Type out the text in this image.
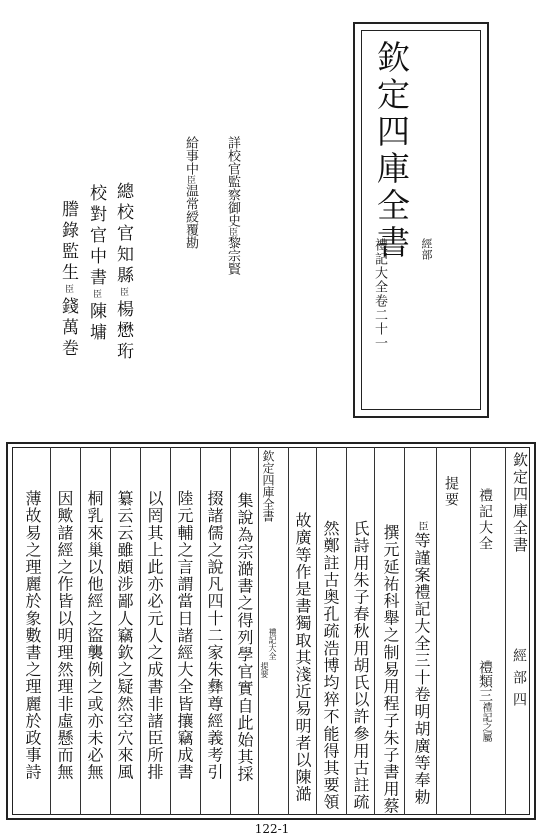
欽定四庫全書 經部
禮記大全卷二十一
詳校官監察御史臣黎宗賢
給事中臣温常綬覆勘
總校官知縣臣楊懋珩
校對官中書臣陳墉
謄錄監生臣錢萬巻
欽定四庫全書
經部四
禮記大全
禮類三禮記之屬
提要
欽定四庫全書
禮記大全
提要
臣等謹案禮記大全三十卷明胡廣等奉勅
撰元延祐科舉之制易用程子朱子書用蔡
氏詩用朱子春秋用胡氏以許參用古註疏
然鄭註古奥孔疏浩博均猝不能得其要領
故廣等作是書獨取其淺近易明者以陳澔
集說為宗澔書之得列學官實自此始其採
掇諸儒之說凡四十二家朱彝尊經義考引
陸元輔之言謂當日諸經大全皆攘竊成書
以罔其上此亦必元人之成書非諸臣所排
纂云云雖頗涉鄙人竊欽之疑然空穴來風
桐乳來巢以他經之盜襲例之或亦未必無
因歟諸經之作皆以明理然理非虛懸而無
薄故易之理麗於象數書之理麗於政事詩
122-1
